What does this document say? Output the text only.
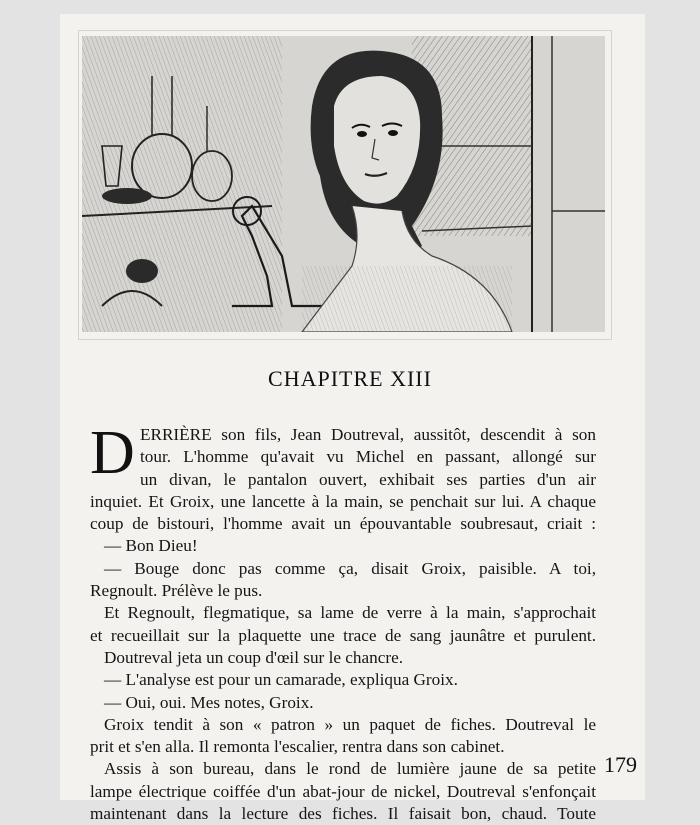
CHAPITRE XIII
D ERRIÈRE son fils, Jean Doutreval, aussitôt, descendit à son
tour. L'homme qu'avait vu Michel en passant, allongé sur
un divan, le pantalon ouvert, exhibait ses parties d'un air
inquiet. Et Groix, une lancette à la main, se penchait sur lui. A chaque
coup de bistouri, l'homme avait un épouvantable soubresaut, criait :
— Bon Dieu!
— Bouge donc pas comme ça, disait Groix, paisible. A toi,
Regnoult. Prélève le pus.
Et Regnoult, flegmatique, sa lame de verre à la main, s'approchait
et recueillait sur la plaquette une trace de sang jaunâtre et purulent.
Doutreval jeta un coup d'œil sur le chancre.
— L'analyse est pour un camarade, expliqua Groix.
— Oui, oui. Mes notes, Groix.
Groix tendit à son « patron » un paquet de fiches. Doutreval le
prit et s'en alla. Il remonta l'escalier, rentra dans son cabinet.
Assis à son bureau, dans le rond de lumière jaune de sa petite
lampe électrique coiffée d'un abat-jour de nickel, Doutreval s'enfonçait
maintenant dans la lecture des fiches. Il faisait bon, chaud. Toute
179
